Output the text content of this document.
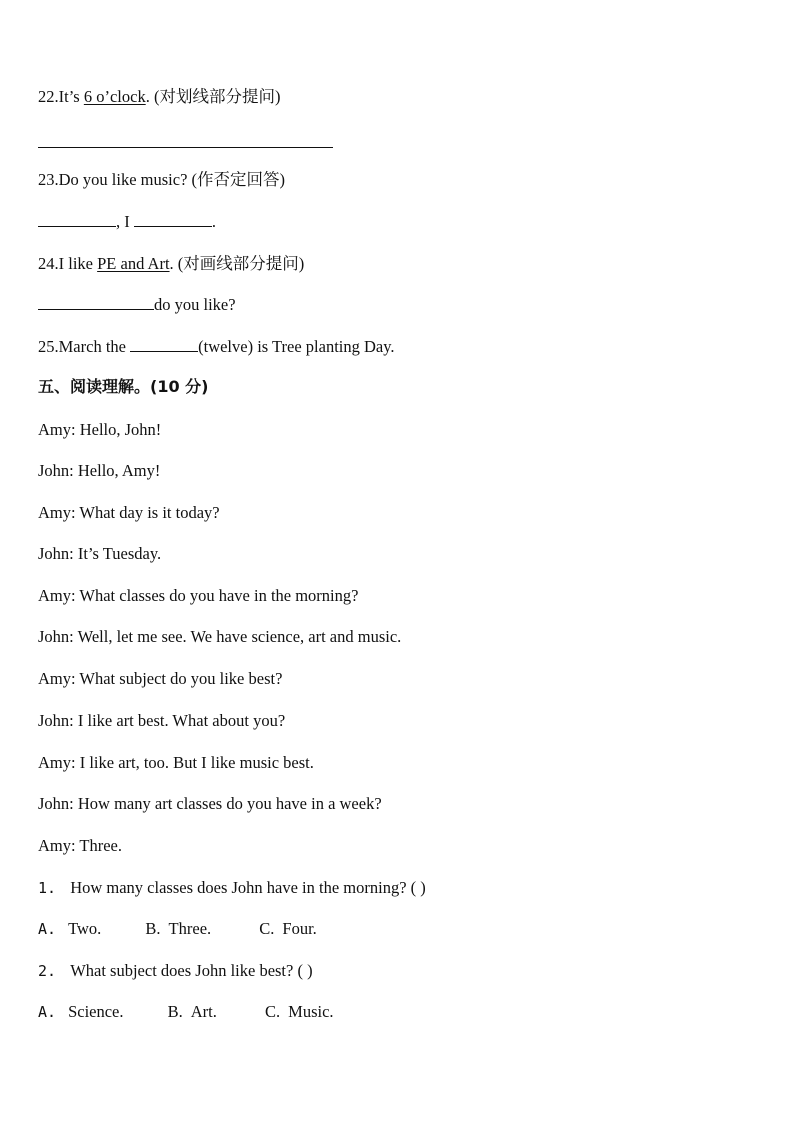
22.It’s 6 o’clock. (对划线部分提问)
23.Do you like music? (作否定回答)
, I	.
24.I like PE and Art. (对画线部分提问)
do you like?
25.March the	(twelve) is Tree planting Day.
五、阅读理解。(10 分)
Amy: Hello, John!
John: Hello, Amy!
Amy: What day is it today?
John: It’s Tuesday.
Amy: What classes do you have in the morning?
John: Well, let me see. We have science, art and music.
Amy: What subject do you like best?
John: I like art best. What about you?
Amy: I like art, too. But I like music best.
John: How many art classes do you have in a week?
Amy: Three.
1. How many classes does John have in the morning? ( )
A. Two.	B. Three.	C. Four.
2. What subject does John like best? ( )
A. Science.	B. Art.	C. Music.
